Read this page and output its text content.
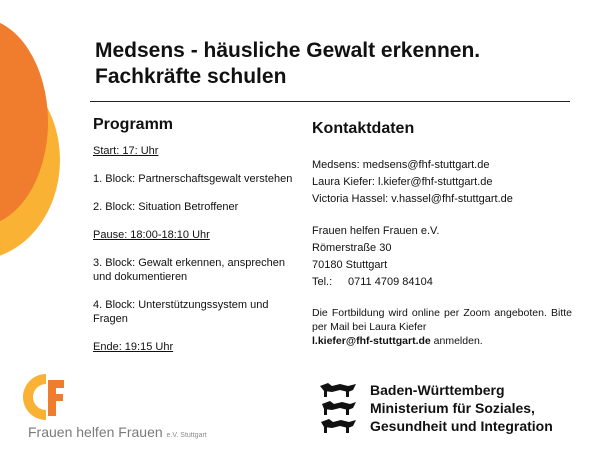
Medsens - häusliche Gewalt erkennen.
Fachkräfte schulen
Programm

Start: 17: Uhr

1. Block: Partnerschaftsgewalt verstehen

2. Block: Situation Betroffener

Pause: 18:00-18:10 Uhr

3. Block: Gewalt erkennen, ansprechen und dokumentieren

4. Block: Unterstützungssystem und Fragen

Ende: 19:15 Uhr

Kontaktdaten

Medsens: medsens@fhf-stuttgart.de

Laura Kiefer: l.kiefer@fhf-stuttgart.de

Victoria Hassel: v.hassel@fhf-stuttgart.de

Frauen helfen Frauen e.V.

Römerstraße 30

70180 Stuttgart

Tel.: 0711 4709 84104

Die Fortbildung wird online per Zoom angeboten. Bitte per Mail bei Laura Kiefer
l.kiefer@fhf-stuttgart.de anmelden.

Frauen helfen Frauen e.V. Stuttgart
Baden-Württemberg
Ministerium für Soziales,
Gesundheit und Integration
